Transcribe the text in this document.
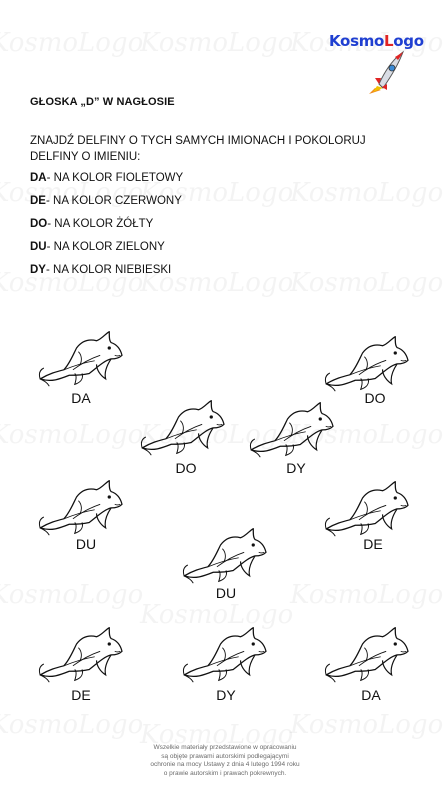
KosmoLogo
GŁOSKA „D” W NAGŁOSIE
ZNAJDŹ DELFINY O TYCH SAMYCH IMIONACH I POKOLORUJ DELFINY O IMIENIU:
DA- NA KOLOR FIOLETOWY
DE- NA KOLOR CZERWONY
DO- NA KOLOR ŻÓŁTY
DU- NA KOLOR ZIELONY
DY- NA KOLOR NIEBIESKI
DA	DO
DO	DY
DU	DE
DU
DE	DY	DA
Wszelkie materiały przedstawione w opracowaniu są objęte prawami autorskimi podlegającymi ochronie na mocy Ustawy z dnia 4 lutego 1994 roku o prawie autorskim i prawach pokrewnych.
